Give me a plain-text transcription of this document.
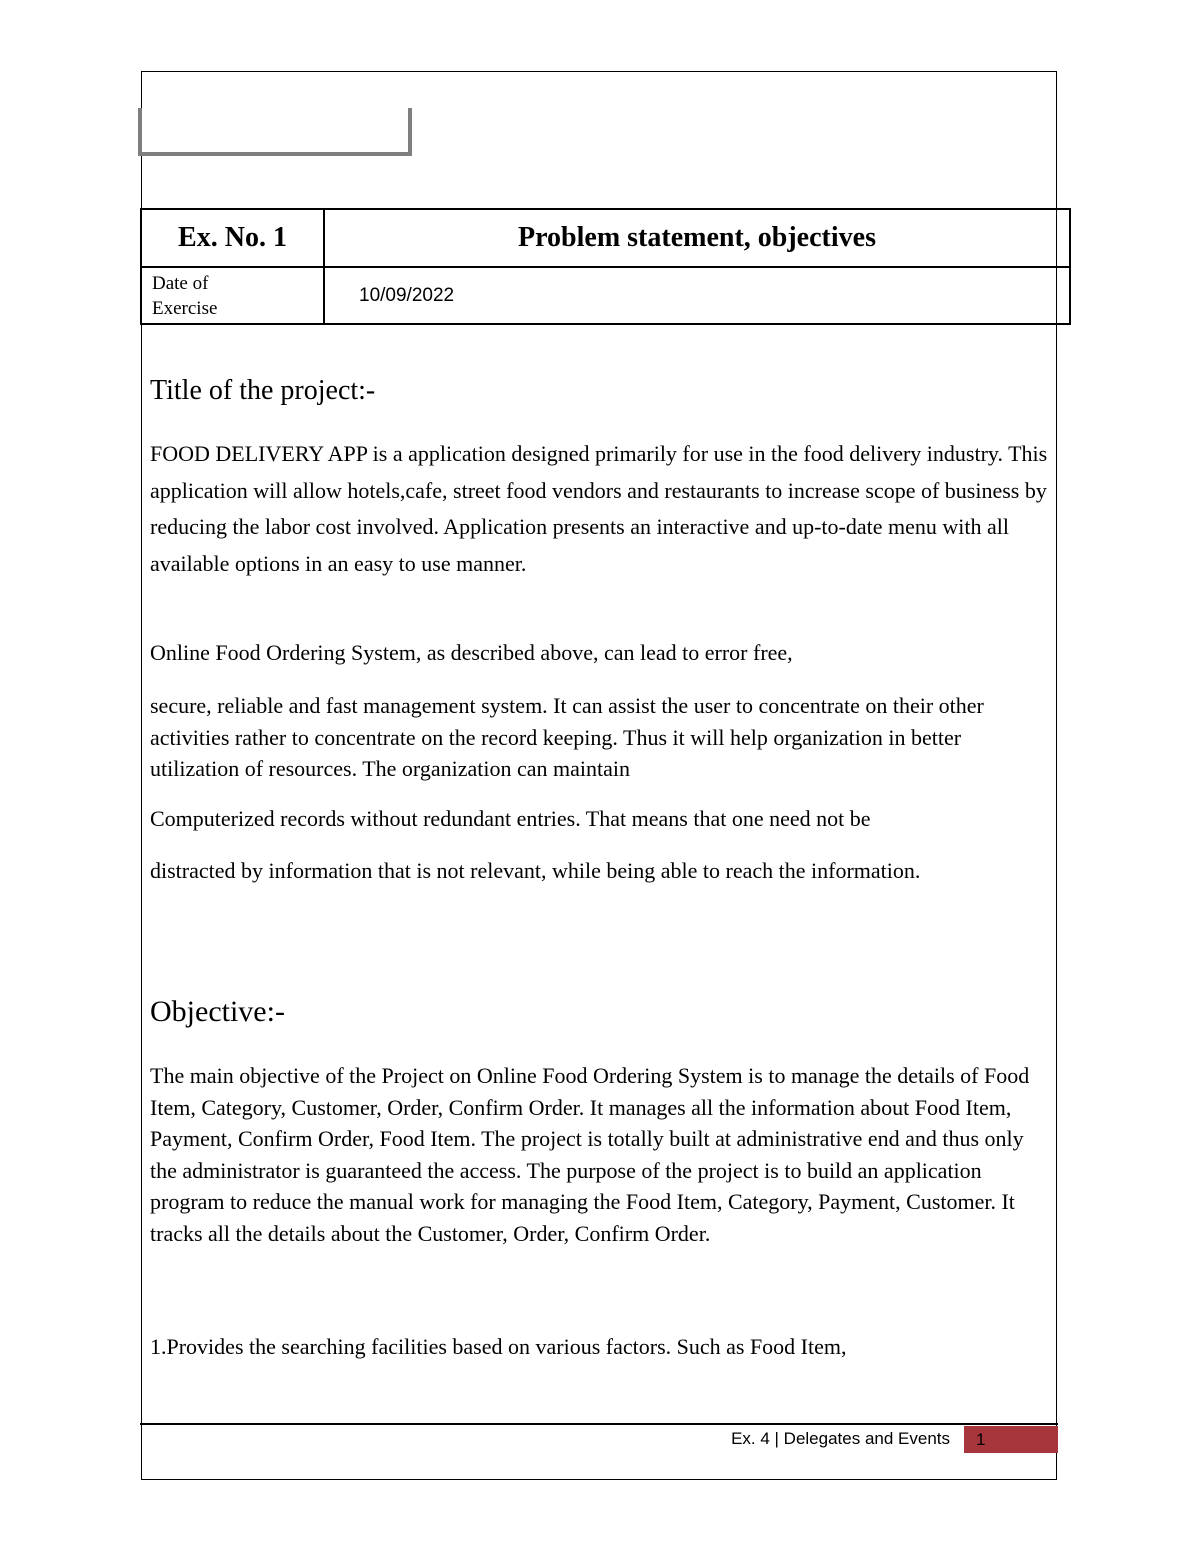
Ex. No. 1	Problem statement, objectives

Date of
Exercise	10/09/2022
Title of the project:-
FOOD DELIVERY APP is a application designed primarily for use in the food delivery industry. This application will allow hotels,cafe, street food vendors and restaurants to increase scope of business by reducing the labor cost involved. Application presents an interactive and up-to-date menu with all available options in an easy to use manner.
Online Food Ordering System, as described above, can lead to error free,
secure, reliable and fast management system. It can assist the user to concentrate on their other activities rather to concentrate on the record keeping. Thus it will help organization in better utilization of resources. The organization can maintain
Computerized records without redundant entries. That means that one need not be
distracted by information that is not relevant, while being able to reach the information.
Objective:-
The main objective of the Project on Online Food Ordering System is to manage the details of Food Item, Category, Customer, Order, Confirm Order. It manages all the information about Food Item, Payment, Confirm Order, Food Item. The project is totally built at administrative end and thus only the administrator is guaranteed the access. The purpose of the project is to build an application program to reduce the manual work for managing the Food Item, Category, Payment, Customer. It tracks all the details about the Customer, Order, Confirm Order.
1.Provides the searching facilities based on various factors. Such as Food Item,
Ex. 4 | Delegates and Events	1
